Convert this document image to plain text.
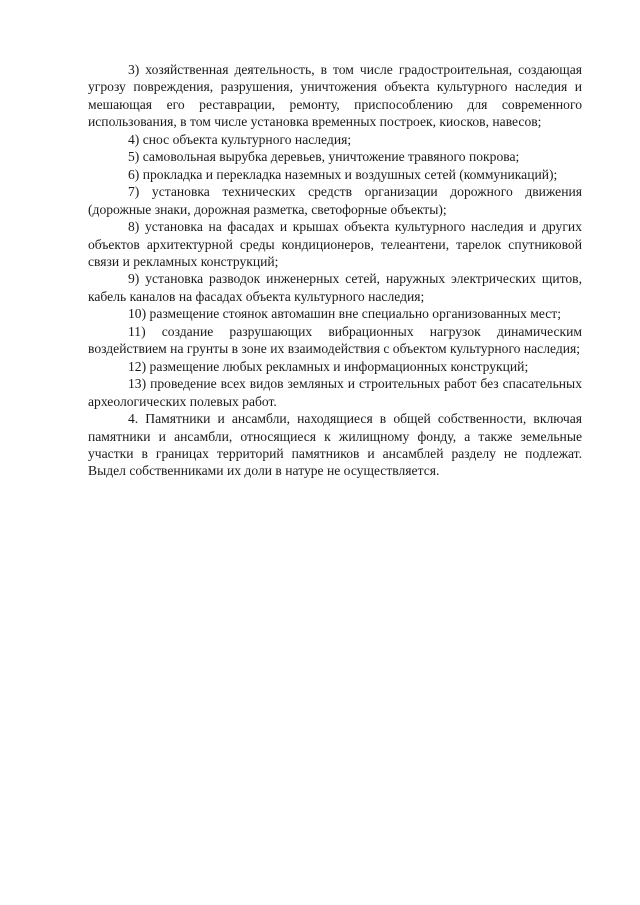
3) хозяйственная деятельность, в том числе градостроительная, создающая угрозу повреждения, разрушения, уничтожения объекта культурного наследия и мешающая его реставрации, ремонту, приспособлению для современного использования, в том числе установка временных построек, киосков, навесов;

4) снос объекта культурного наследия;

5) самовольная вырубка деревьев, уничтожение травяного покрова;

6) прокладка и перекладка наземных и воздушных сетей (коммуникаций);

7) установка технических средств организации дорожного движения (дорожные знаки, дорожная разметка, светофорные объекты);

8) установка на фасадах и крышах объекта культурного наследия и других объектов архитектурной среды кондиционеров, телеантени, тарелок спутниковой связи и рекламных конструкций;

9) установка разводок инженерных сетей, наружных электрических щитов, кабель каналов на фасадах объекта культурного наследия;

10) размещение стоянок автомашин вне специально организованных мест;

11) создание разрушающих вибрационных нагрузок динамическим воздействием на грунты в зоне их взаимодействия с объектом культурного наследия;

12) размещение любых рекламных и информационных конструкций;

13) проведение всех видов земляных и строительных работ без спасательных археологических полевых работ.

4. Памятники и ансамбли, находящиеся в общей собственности, включая памятники и ансамбли, относящиеся к жилищному фонду, а также земельные участки в границах территорий памятников и ансамблей разделу не подлежат. Выдел собственниками их доли в натуре не осуществляется.
